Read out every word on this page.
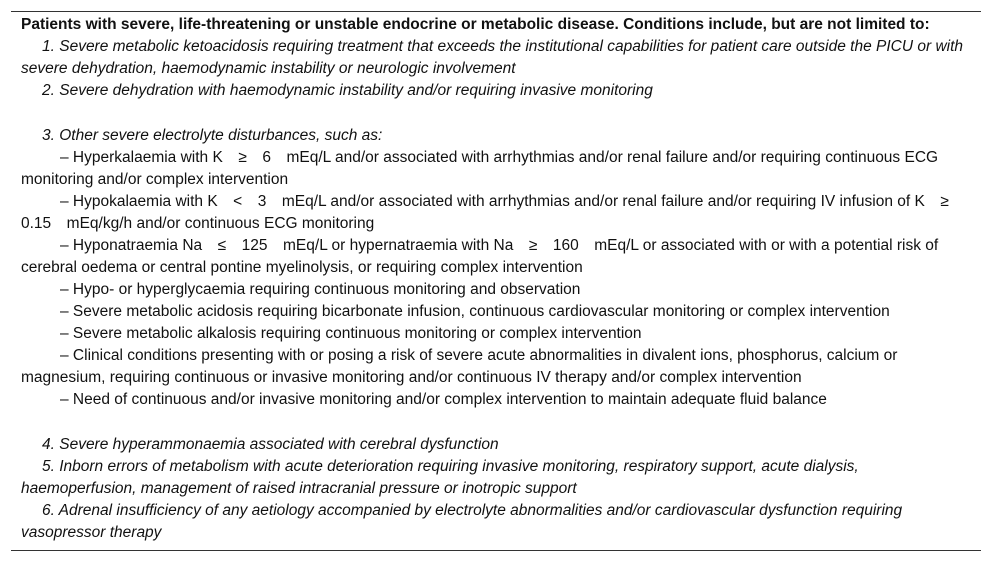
Patients with severe, life-threatening or unstable endocrine or metabolic disease. Conditions include, but are not limited to:

1. Severe metabolic ketoacidosis requiring treatment that exceeds the institutional capabilities for patient care outside the PICU or with severe dehydration, haemodynamic instability or neurologic involvement

2. Severe dehydration with haemodynamic instability and/or requiring invasive monitoring

3. Other severe electrolyte disturbances, such as:

– Hyperkalaemia with K ≥ 6 mEq/L and/or associated with arrhythmias and/or renal failure and/or requiring continuous ECG monitoring and/or complex intervention

– Hypokalaemia with K < 3 mEq/L and/or associated with arrhythmias and/or renal failure and/or requiring IV infusion of K ≥ 0.15 mEq/kg/h and/or continuous ECG monitoring

– Hyponatraemia Na ≤ 125 mEq/L or hypernatraemia with Na ≥ 160 mEq/L or associated with or with a potential risk of cerebral oedema or central pontine myelinolysis, or requiring complex intervention

– Hypo- or hyperglycaemia requiring continuous monitoring and observation

– Severe metabolic acidosis requiring bicarbonate infusion, continuous cardiovascular monitoring or complex intervention

– Severe metabolic alkalosis requiring continuous monitoring or complex intervention

– Clinical conditions presenting with or posing a risk of severe acute abnormalities in divalent ions, phosphorus, calcium or magnesium, requiring continuous or invasive monitoring and/or continuous IV therapy and/or complex intervention

– Need of continuous and/or invasive monitoring and/or complex intervention to maintain adequate fluid balance

4. Severe hyperammonaemia associated with cerebral dysfunction

5. Inborn errors of metabolism with acute deterioration requiring invasive monitoring, respiratory support, acute dialysis, haemoperfusion, management of raised intracranial pressure or inotropic support

6. Adrenal insufficiency of any aetiology accompanied by electrolyte abnormalities and/or cardiovascular dysfunction requiring vasopressor therapy
